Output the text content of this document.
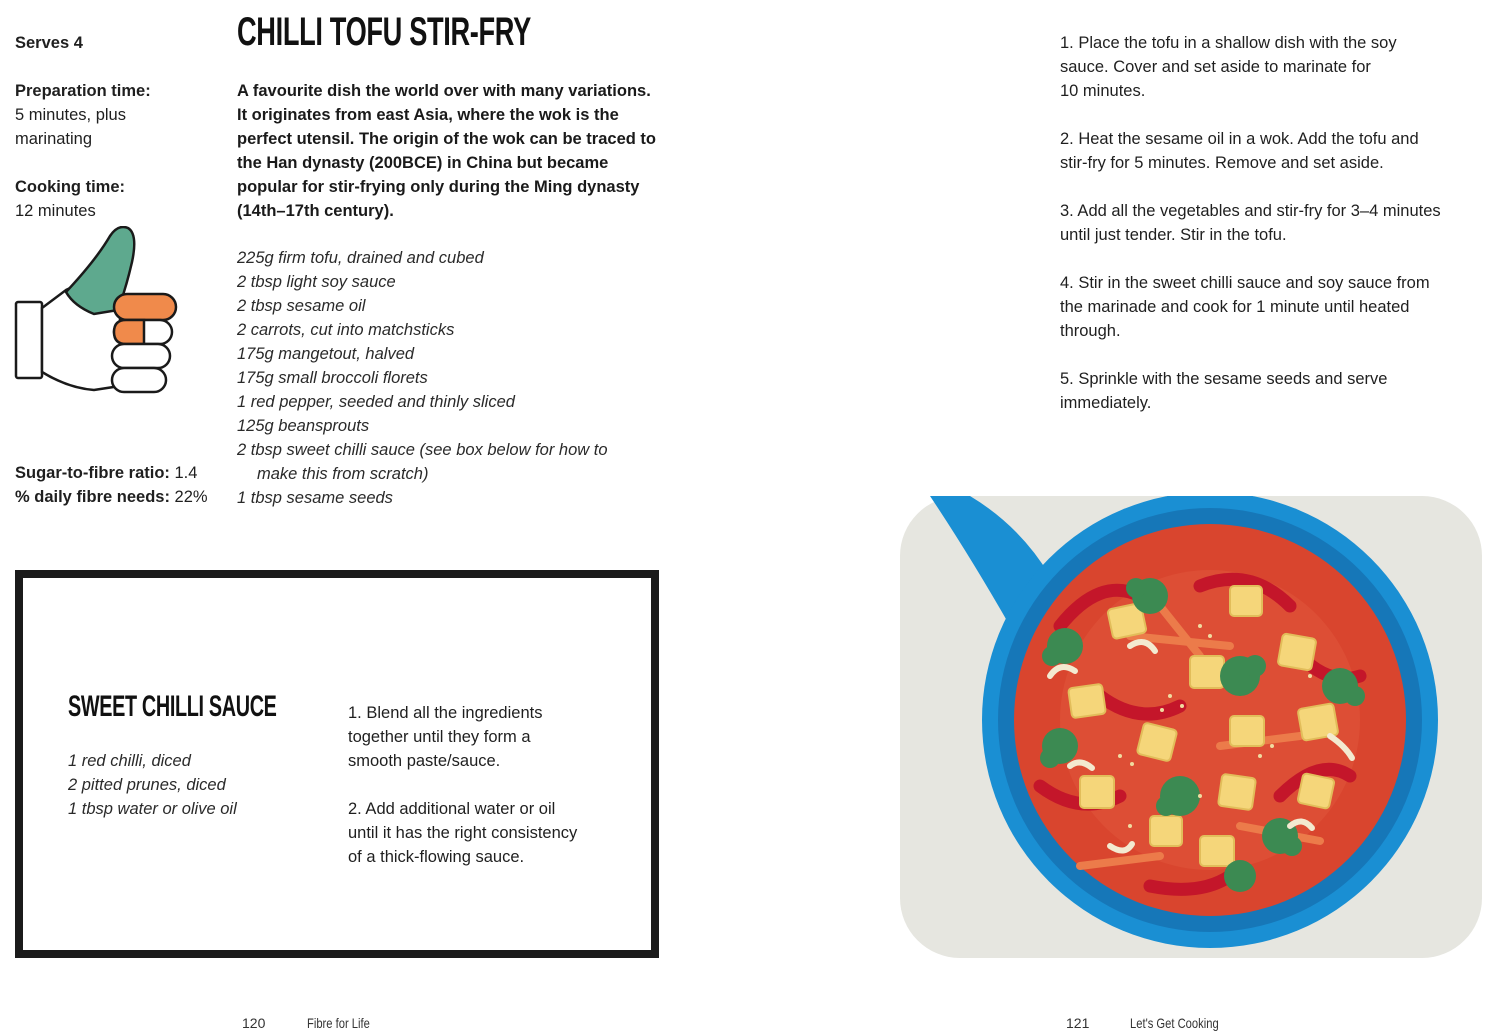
CHILLI TOFU STIR-FRY
Serves 4
Preparation time:
5 minutes, plus
marinating
Cooking time:
12 minutes
Sugar-to-fibre ratio: 1.4
% daily fibre needs: 22%
A favourite dish the world over with many variations.
It originates from east Asia, where the wok is the
perfect utensil. The origin of the wok can be traced to
the Han dynasty (200BCE) in China but became
popular for stir-frying only during the Ming dynasty
(14th–17th century).
225g firm tofu, drained and cubed
2 tbsp light soy sauce
2 tbsp sesame oil
2 carrots, cut into matchsticks
175g mangetout, halved
175g small broccoli florets
1 red pepper, seeded and thinly sliced
125g beansprouts
2 tbsp sweet chilli sauce (see box below for how to
make this from scratch)
1 tbsp sesame seeds
SWEET CHILLI SAUCE
1 red chilli, diced
2 pitted prunes, diced
1 tbsp water or olive oil
1. Blend all the ingredients
together until they form a
smooth paste/sauce.
2. Add additional water or oil
until it has the right consistency
of a thick-flowing sauce.
120	Fibre for Life
1. Place the tofu in a shallow dish with the soy
sauce. Cover and set aside to marinate for
10 minutes.
2. Heat the sesame oil in a wok. Add the tofu and
stir-fry for 5 minutes. Remove and set aside.
3. Add all the vegetables and stir-fry for 3–4 minutes
until just tender. Stir in the tofu.
4. Stir in the sweet chilli sauce and soy sauce from
the marinade and cook for 1 minute until heated
through.
5. Sprinkle with the sesame seeds and serve
immediately.
121	Let's Get Cooking
